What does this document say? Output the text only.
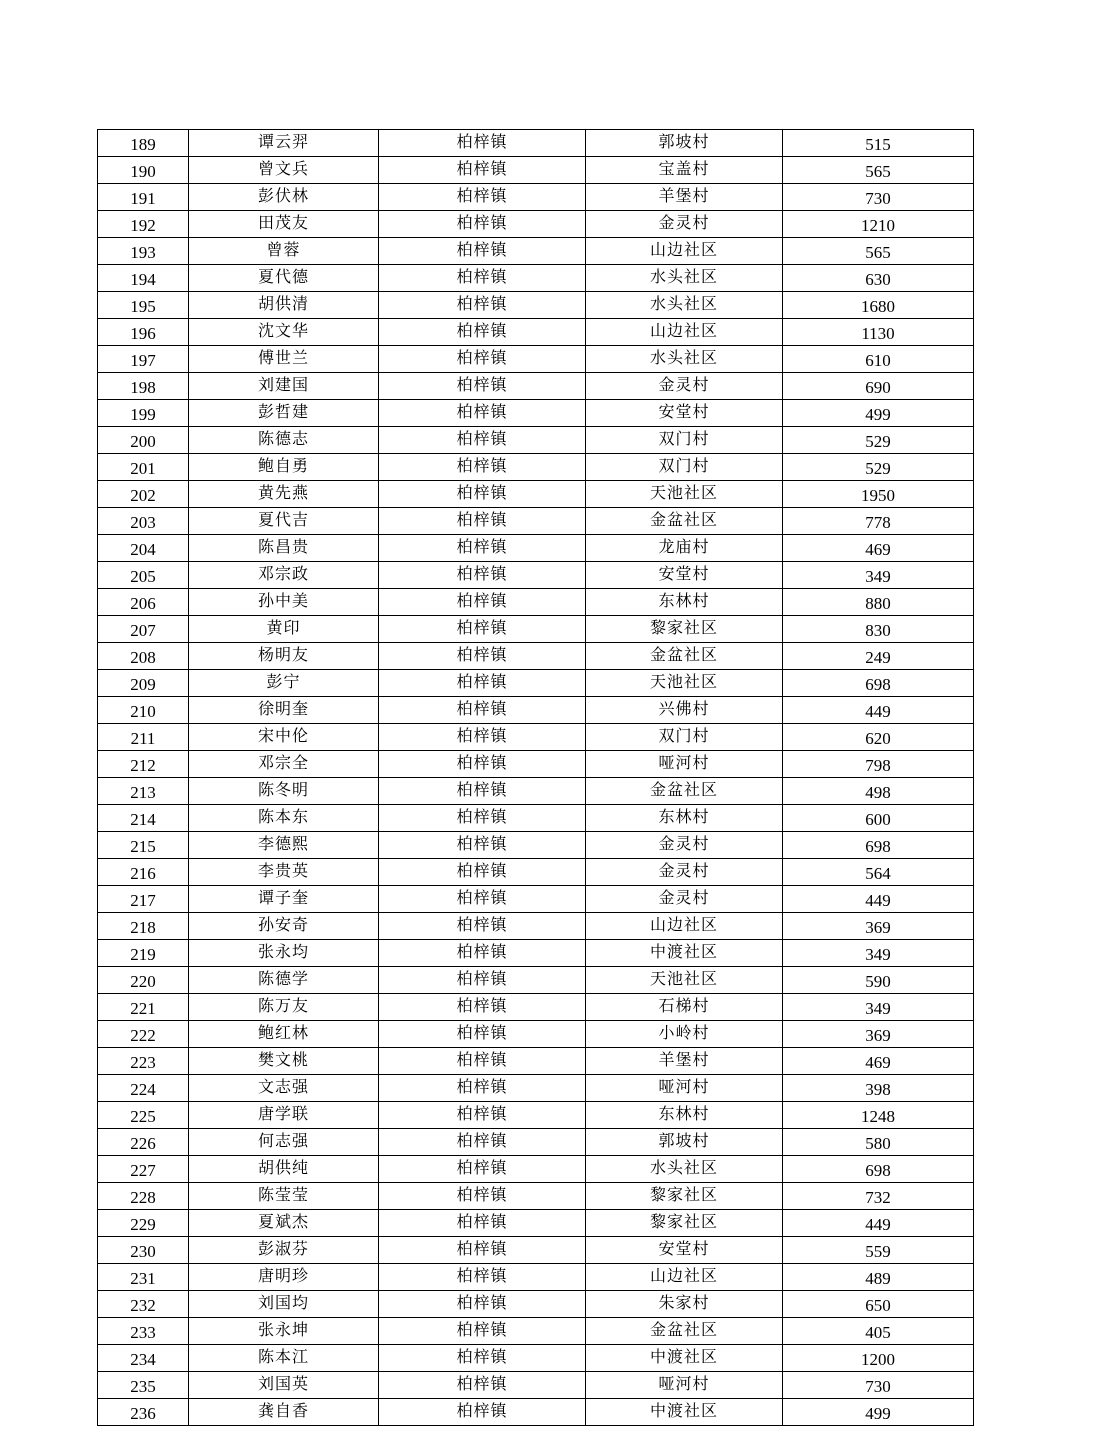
189	谭云羿	柏梓镇	郭坡村	515
190	曾文兵	柏梓镇	宝盖村	565
191	彭伏林	柏梓镇	羊堡村	730
192	田茂友	柏梓镇	金灵村	1210
193	曾蓉	柏梓镇	山边社区	565
194	夏代德	柏梓镇	水头社区	630
195	胡供清	柏梓镇	水头社区	1680
196	沈文华	柏梓镇	山边社区	1130
197	傅世兰	柏梓镇	水头社区	610
198	刘建国	柏梓镇	金灵村	690
199	彭哲建	柏梓镇	安堂村	499
200	陈德志	柏梓镇	双门村	529
201	鲍自勇	柏梓镇	双门村	529
202	黄先燕	柏梓镇	天池社区	1950
203	夏代吉	柏梓镇	金盆社区	778
204	陈昌贵	柏梓镇	龙庙村	469
205	邓宗政	柏梓镇	安堂村	349
206	孙中美	柏梓镇	东林村	880
207	黄印	柏梓镇	黎家社区	830
208	杨明友	柏梓镇	金盆社区	249
209	彭宁	柏梓镇	天池社区	698
210	徐明奎	柏梓镇	兴佛村	449
211	宋中伦	柏梓镇	双门村	620
212	邓宗全	柏梓镇	哑河村	798
213	陈冬明	柏梓镇	金盆社区	498
214	陈本东	柏梓镇	东林村	600
215	李德熙	柏梓镇	金灵村	698
216	李贵英	柏梓镇	金灵村	564
217	谭子奎	柏梓镇	金灵村	449
218	孙安奇	柏梓镇	山边社区	369
219	张永均	柏梓镇	中渡社区	349
220	陈德学	柏梓镇	天池社区	590
221	陈万友	柏梓镇	石梯村	349
222	鲍红林	柏梓镇	小岭村	369
223	樊文桃	柏梓镇	羊堡村	469
224	文志强	柏梓镇	哑河村	398
225	唐学联	柏梓镇	东林村	1248
226	何志强	柏梓镇	郭坡村	580
227	胡供纯	柏梓镇	水头社区	698
228	陈莹莹	柏梓镇	黎家社区	732
229	夏斌杰	柏梓镇	黎家社区	449
230	彭淑芬	柏梓镇	安堂村	559
231	唐明珍	柏梓镇	山边社区	489
232	刘国均	柏梓镇	朱家村	650
233	张永坤	柏梓镇	金盆社区	405
234	陈本江	柏梓镇	中渡社区	1200
235	刘国英	柏梓镇	哑河村	730
236	龚自香	柏梓镇	中渡社区	499
